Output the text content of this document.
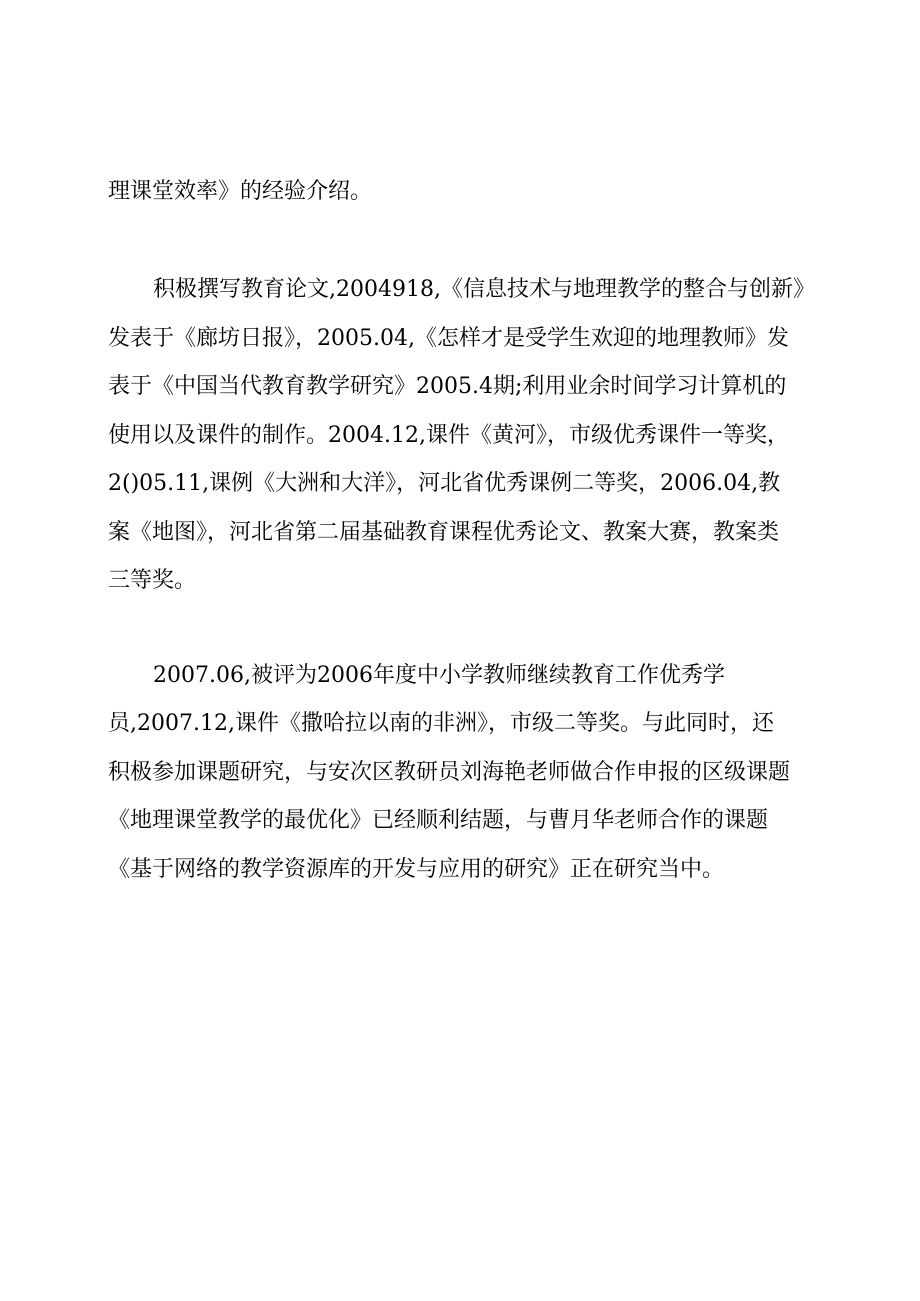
理课堂效率》的经验介绍。
积极撰写教育论文,2004918,《信息技术与地理教学的整合与创新》
发表于《廊坊日报》，2005.04,《怎样才是受学生欢迎的地理教师》发
表于《中国当代教育教学研究》2005.4期;利用业余时间学习计算机的
使用以及课件的制作。2004.12,课件《黄河》，市级优秀课件一等奖，
2()05.11,课例《大洲和大洋》，河北省优秀课例二等奖，2006.04,教
案《地图》，河北省第二届基础教育课程优秀论文、教案大赛，教案类
三等奖。
2007.06,被评为2006年度中小学教师继续教育工作优秀学
员,2007.12,课件《撒哈拉以南的非洲》，市级二等奖。与此同时，还
积极参加课题研究，与安次区教研员刘海艳老师做合作申报的区级课题
《地理课堂教学的最优化》已经顺利结题，与曹月华老师合作的课题
《基于网络的教学资源库的开发与应用的研究》正在研究当中。
